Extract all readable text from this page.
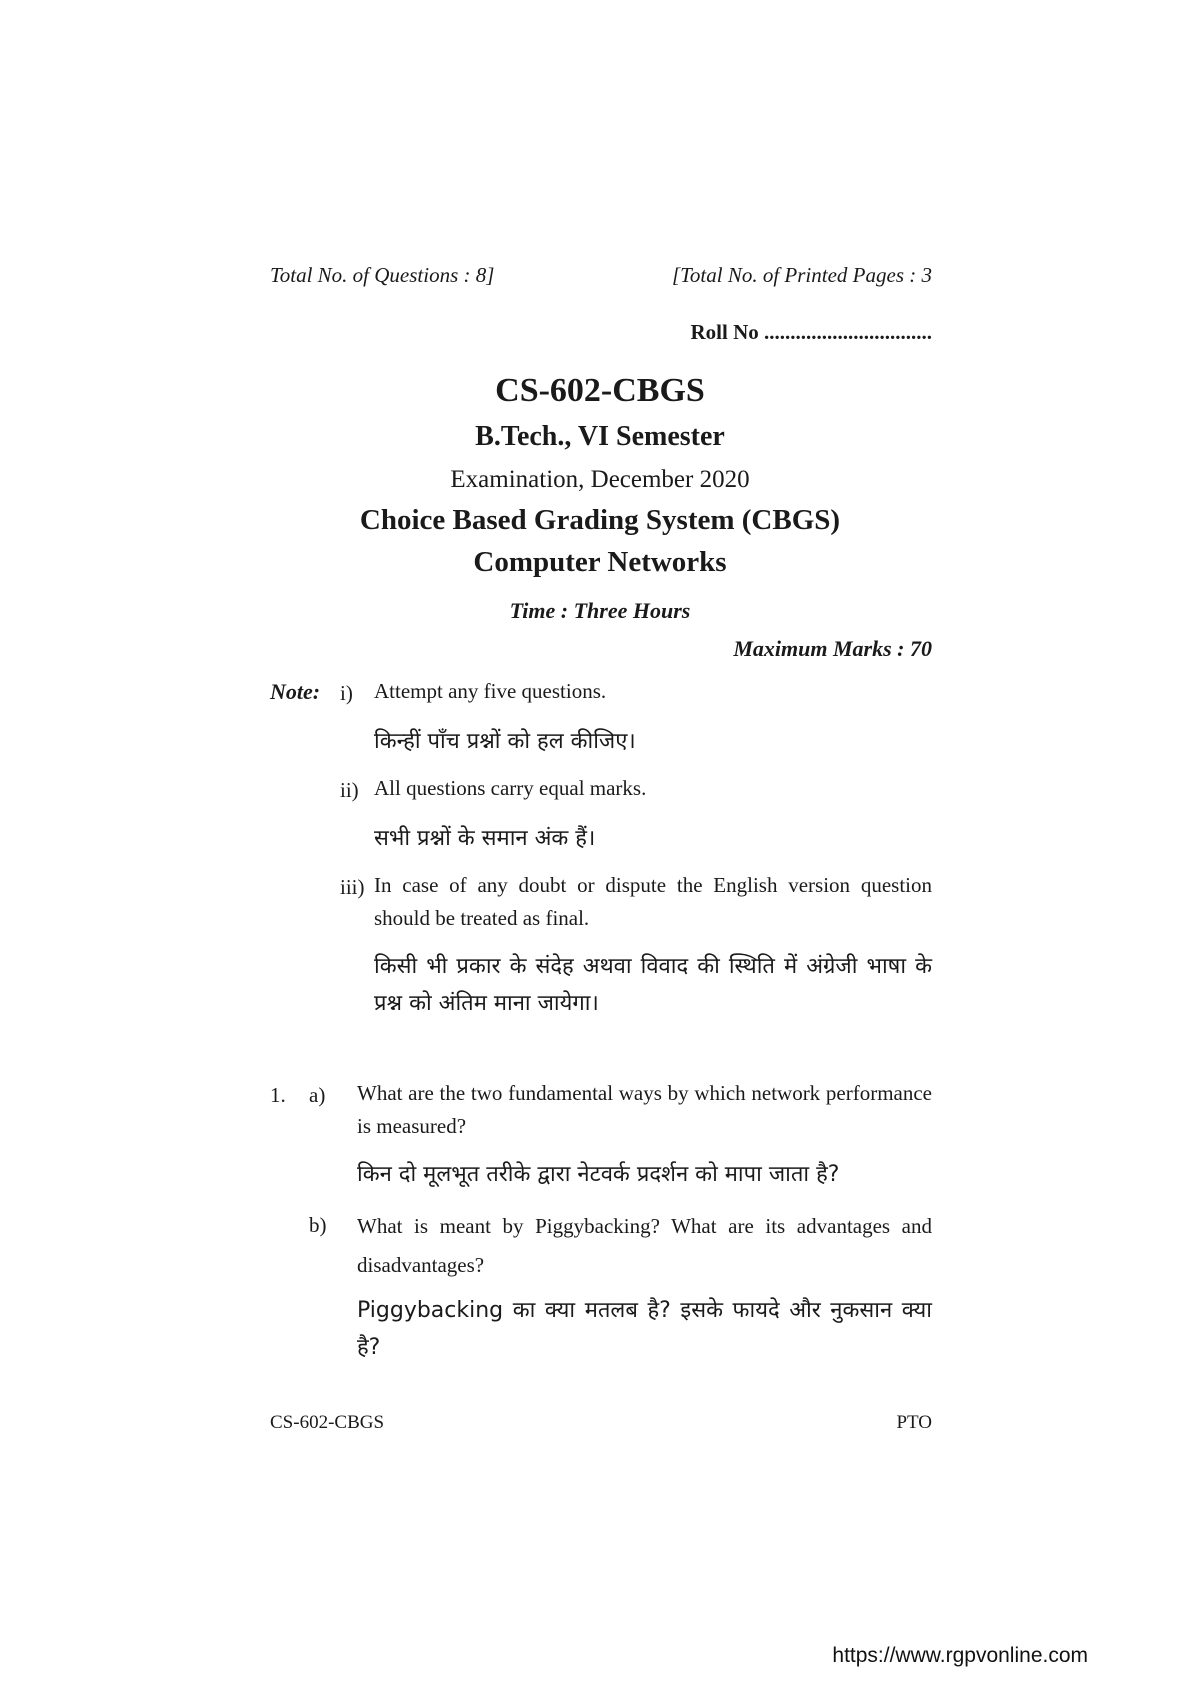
Total No. of Questions : 8]	[Total No. of Printed Pages : 3
Roll No ................................
CS-602-CBGS
B.Tech., VI Semester
Examination, December 2020
Choice Based Grading System (CBGS)
Computer Networks
Time : Three Hours
Maximum Marks : 70
Note: i) Attempt any five questions.
किन्हीं पाँच प्रश्नों को हल कीजिए।
ii) All questions carry equal marks.
सभी प्रश्नों के समान अंक हैं।
iii) In case of any doubt or dispute the English version question should be treated as final.
किसी भी प्रकार के संदेह अथवा विवाद की स्थिति में अंग्रेजी भाषा के प्रश्न को अंतिम माना जायेगा।
1. a) What are the two fundamental ways by which network performance is measured?
किन दो मूलभूत तरीके द्वारा नेटवर्क प्रदर्शन को मापा जाता है?
b) What is meant by Piggybacking? What are its advantages and disadvantages?
Piggybacking का क्या मतलब है? इसके फायदे और नुकसान क्या है?
CS-602-CBGS	PTO
https://www.rgpvonline.com
